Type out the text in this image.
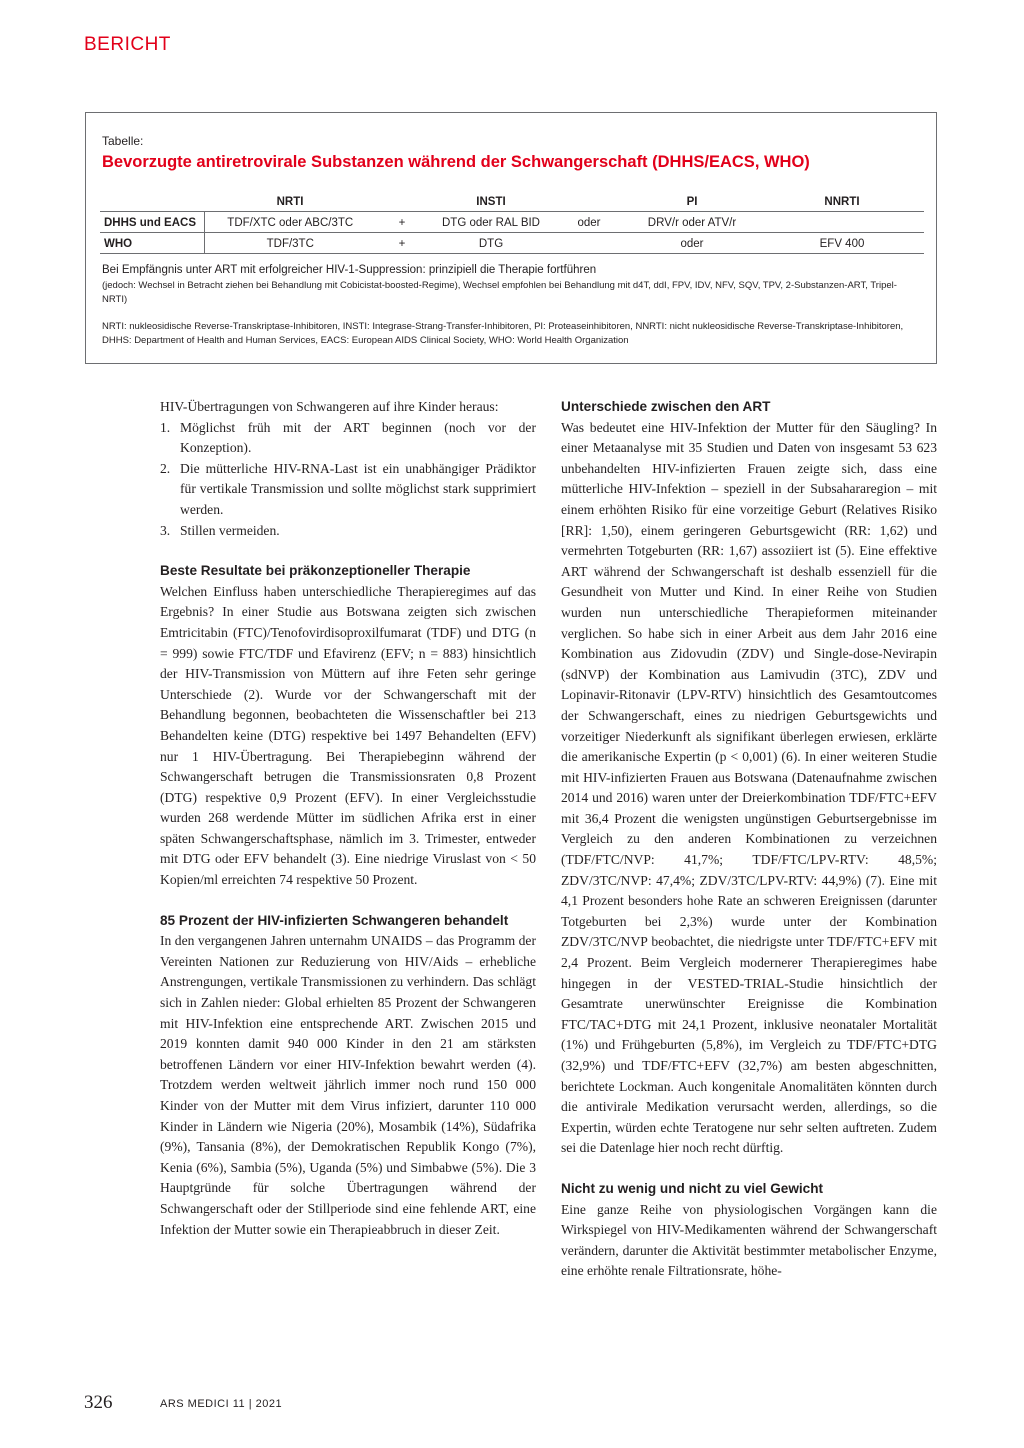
BERICHT
Tabelle:
Bevorzugte antiretrovirale Substanzen während der Schwangerschaft (DHHS/EACS, WHO)
	NRTI		INSTI		PI	NNRTI
DHHS und EACS	TDF/XTC oder ABC/3TC	+	DTG oder RAL BID	oder	DRV/r oder ATV/r	
WHO	TDF/3TC	+	DTG		oder	EFV 400
Bei Empfängnis unter ART mit erfolgreicher HIV-1-Suppression: prinzipiell die Therapie fortführen
(jedoch: Wechsel in Betracht ziehen bei Behandlung mit Cobicistat-boosted-Regime), Wechsel empfohlen bei Behandlung mit d4T, ddI, FPV, IDV, NFV, SQV, TPV, 2-Substanzen-ART, Tripel-NRTI)
NRTI: nukleosidische Reverse-Transkriptase-Inhibitoren, INSTI: Integrase-Strang-Transfer-Inhibitoren, PI: Proteaseinhibitoren, NNRTI: nicht nukleosidische Reverse-Transkriptase-Inhibitoren, DHHS: Department of Health and Human Services, EACS: European AIDS Clinical Society, WHO: World Health Organization

HIV-Übertragungen von Schwangeren auf ihre Kinder heraus:

1. Möglichst früh mit der ART beginnen (noch vor der Konzeption).
2. Die mütterliche HIV-RNA-Last ist ein unabhängiger Prädiktor für vertikale Transmission und sollte möglichst stark supprimiert werden.
3. Stillen vermeiden.
Beste Resultate bei präkonzeptioneller Therapie

Welchen Einfluss haben unterschiedliche Therapieregimes auf das Ergebnis? In einer Studie aus Botswana zeigten sich zwischen Emtricitabin (FTC)/Tenofovirdisoproxilfumarat (TDF) und DTG (n = 999) sowie FTC/TDF und Efavirenz (EFV; n = 883) hinsichtlich der HIV-Transmission von Müttern auf ihre Feten sehr geringe Unterschiede (2). Wurde vor der Schwangerschaft mit der Behandlung begonnen, beobachteten die Wissenschaftler bei 213 Behandelten keine (DTG) respektive bei 1497 Behandelten (EFV) nur 1 HIV-Übertragung. Bei Therapiebeginn während der Schwangerschaft betrugen die Transmissionsraten 0,8 Prozent (DTG) respektive 0,9 Prozent (EFV). In einer Vergleichsstudie wurden 268 werdende Mütter im südlichen Afrika erst in einer späten Schwangerschaftsphase, nämlich im 3. Trimester, entweder mit DTG oder EFV behandelt (3). Eine niedrige Viruslast von < 50 Kopien/ml erreichten 74 respektive 50 Prozent.

85 Prozent der HIV-infizierten Schwangeren behandelt

In den vergangenen Jahren unternahm UNAIDS – das Programm der Vereinten Nationen zur Reduzierung von HIV/Aids – erhebliche Anstrengungen, vertikale Transmissionen zu verhindern. Das schlägt sich in Zahlen nieder: Global erhielten 85 Prozent der Schwangeren mit HIV-Infektion eine entsprechende ART. Zwischen 2015 und 2019 konnten damit 940 000 Kinder in den 21 am stärksten betroffenen Ländern vor einer HIV-Infektion bewahrt werden (4). Trotzdem werden weltweit jährlich immer noch rund 150 000 Kinder von der Mutter mit dem Virus infiziert, darunter 110 000 Kinder in Ländern wie Nigeria (20%), Mosambik (14%), Südafrika (9%), Tansania (8%), der Demokratischen Republik Kongo (7%), Kenia (6%), Sambia (5%), Uganda (5%) und Simbabwe (5%). Die 3 Hauptgründe für solche Übertragungen während der Schwangerschaft oder der Stillperiode sind eine fehlende ART, eine Infektion der Mutter sowie ein Therapieabbruch in dieser Zeit.

Unterschiede zwischen den ART

Was bedeutet eine HIV-Infektion der Mutter für den Säugling? In einer Metaanalyse mit 35 Studien und Daten von insgesamt 53 623 unbehandelten HIV-infizierten Frauen zeigte sich, dass eine mütterliche HIV-Infektion – speziell in der Subsahararegion – mit einem erhöhten Risiko für eine vorzeitige Geburt (Relatives Risiko [RR]: 1,50), einem geringeren Geburtsgewicht (RR: 1,62) und vermehrten Totgeburten (RR: 1,67) assoziiert ist (5). Eine effektive ART während der Schwangerschaft ist deshalb essenziell für die Gesundheit von Mutter und Kind. In einer Reihe von Studien wurden nun unterschiedliche Therapieformen miteinander verglichen. So habe sich in einer Arbeit aus dem Jahr 2016 eine Kombination aus Zidovudin (ZDV) und Single-dose-Nevirapin (sdNVP) der Kombination aus Lamivudin (3TC), ZDV und Lopinavir-Ritonavir (LPV-RTV) hinsichtlich des Gesamtoutcomes der Schwangerschaft, eines zu niedrigen Geburtsgewichts und vorzeitiger Niederkunft als signifikant überlegen erwiesen, erklärte die amerikanische Expertin (p < 0,001) (6). In einer weiteren Studie mit HIV-infizierten Frauen aus Botswana (Datenaufnahme zwischen 2014 und 2016) waren unter der Dreierkombination TDF/FTC+EFV mit 36,4 Prozent die wenigsten ungünstigen Geburtsergebnisse im Vergleich zu den anderen Kombinationen zu verzeichnen (TDF/FTC/NVP: 41,7%; TDF/FTC/LPV-RTV: 48,5%; ZDV/3TC/NVP: 47,4%; ZDV/3TC/LPV-RTV: 44,9%) (7). Eine mit 4,1 Prozent besonders hohe Rate an schweren Ereignissen (darunter Totgeburten bei 2,3%) wurde unter der Kombination ZDV/3TC/NVP beobachtet, die niedrigste unter TDF/FTC+EFV mit 2,4 Prozent. Beim Vergleich modernerer Therapieregimes habe hingegen in der VESTED-TRIAL-Studie hinsichtlich der Gesamtrate unerwünschter Ereignisse die Kombination FTC/TAC+DTG mit 24,1 Prozent, inklusive neonataler Mortalität (1%) und Frühgeburten (5,8%), im Vergleich zu TDF/FTC+DTG (32,9%) und TDF/FTC+EFV (32,7%) am besten abgeschnitten, berichtete Lockman. Auch kongenitale Anomalitäten könnten durch die antivirale Medikation verursacht werden, allerdings, so die Expertin, würden echte Teratogene nur sehr selten auftreten. Zudem sei die Datenlage hier noch recht dürftig.

Nicht zu wenig und nicht zu viel Gewicht

Eine ganze Reihe von physiologischen Vorgängen kann die Wirkspiegel von HIV-Medikamenten während der Schwangerschaft verändern, darunter die Aktivität bestimmter metabolischer Enzyme, eine erhöhte renale Filtrationsrate, höhe-

326	ARS MEDICI 11 | 2021
